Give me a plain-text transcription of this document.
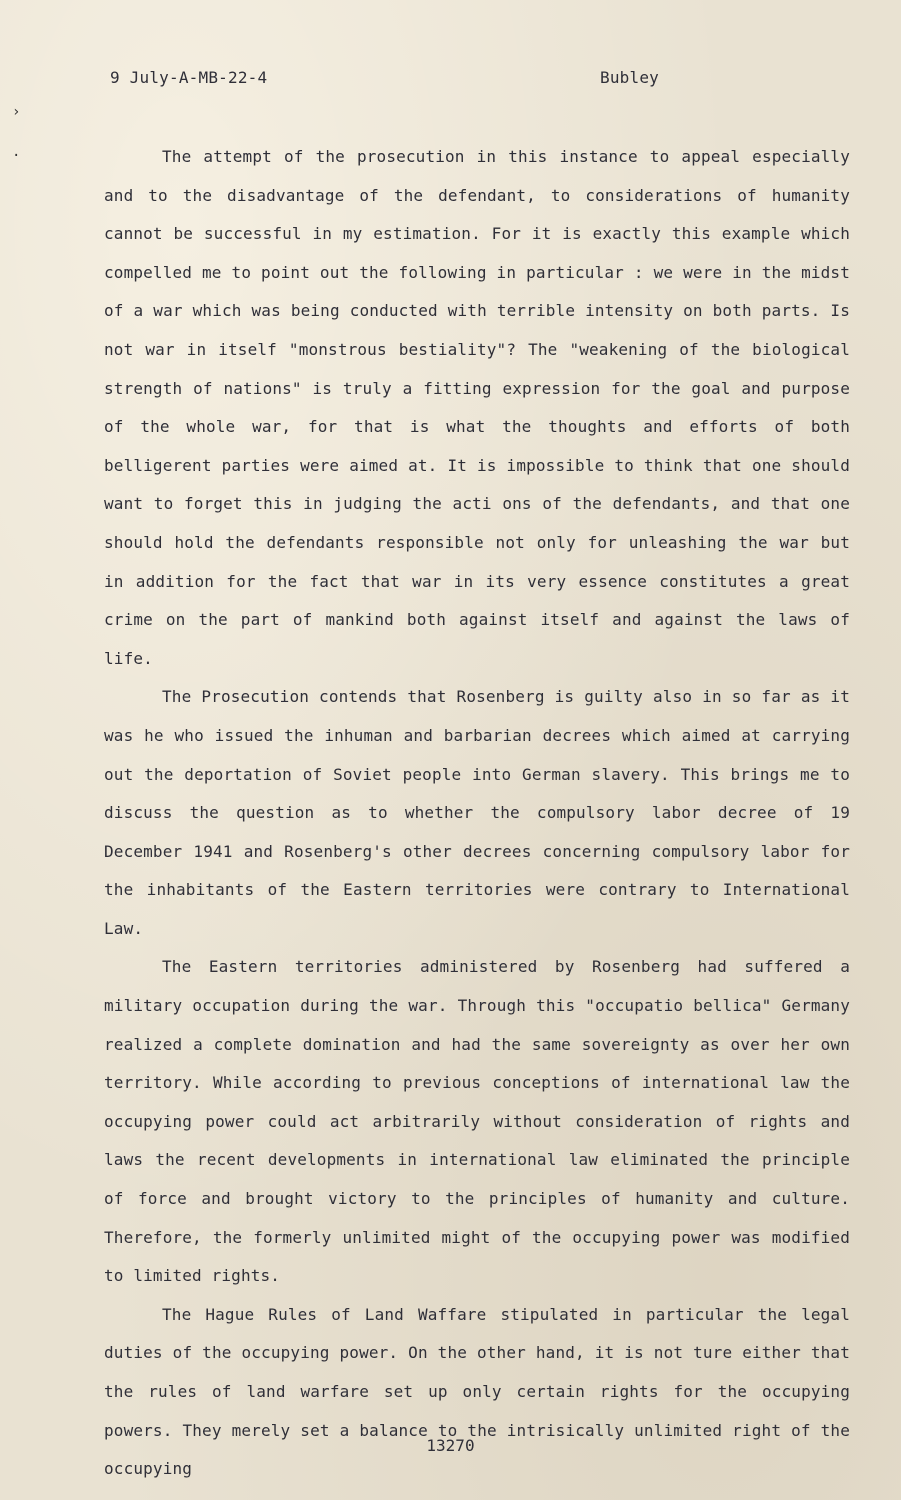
›
·
9 July-A-MB-22-4	Bubley

The attempt of the prosecution in this instance to appeal especially and to the disadvantage of the defendant, to considerations of humanity cannot be successful in my estimation. For it is exactly this example which compelled me to point out the following in particular : we were in the midst of a war which was being conducted with terrible intensity on both parts. Is not war in itself "monstrous bestiality"? The "weakening of the biological strength of nations" is truly a fitting expression for the goal and purpose of the whole war, for that is what the thoughts and efforts of both belligerent parties were aimed at. It is impossible to think that one should want to forget this in judging the acti ons of the defendants, and that one should hold the defendants responsible not only for unleashing the war but in addition for the fact that war in its very essence constitutes a great crime on the part of mankind both against itself and against the laws of life.

The Prosecution contends that Rosenberg is guilty also in so far as it was he who issued the inhuman and barbarian decrees which aimed at carrying out the deportation of Soviet people into German slavery. This brings me to discuss the question as to whether the compulsory labor decree of 19 December 1941 and Rosenberg's other decrees concerning compulsory labor for the inhabitants of the Eastern territories were contrary to International Law.

The Eastern territories administered by Rosenberg had suffered a military occupation during the war. Through this "occupatio bellica" Germany realized a complete domination and had the same sovereignty as over her own territory. While according to previous conceptions of international law the occupying power could act arbitrarily without consideration of rights and laws the recent developments in international law eliminated the principle of force and brought victory to the principles of humanity and culture. Therefore, the formerly unlimited might of the occupying power was modified to limited rights.

The Hague Rules of Land Waffare stipulated in particular the legal duties of the occupying power. On the other hand, it is not ture either that the rules of land warfare set up only certain rights for the occupying powers. They merely set a balance to the intrisically unlimited right of the occupying

13270
